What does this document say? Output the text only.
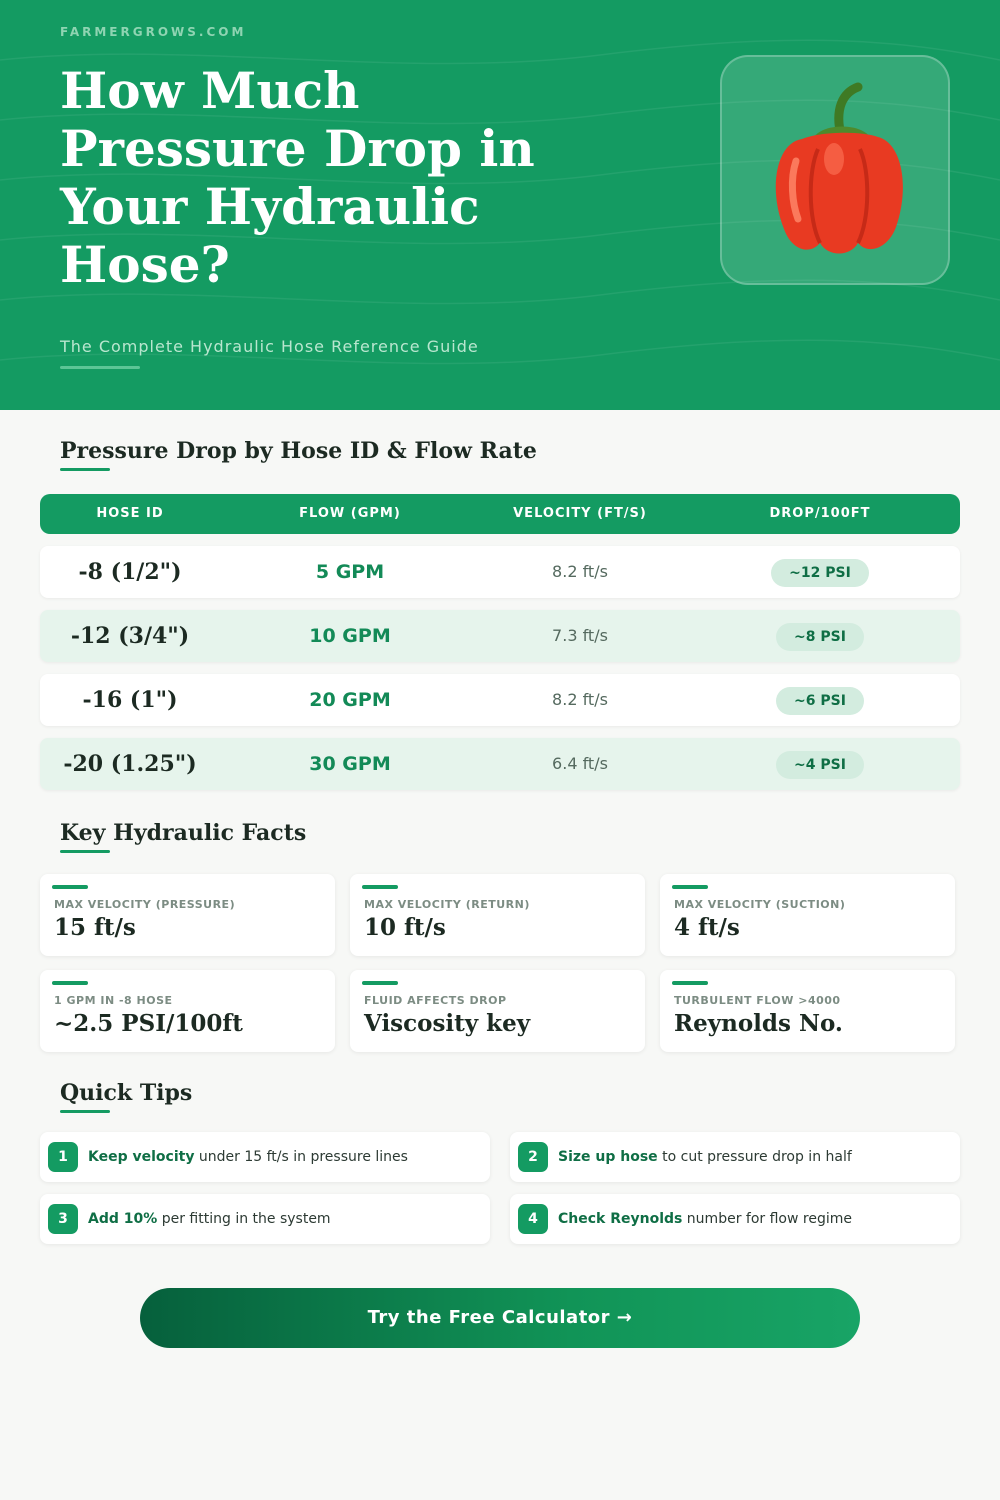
FARMERGROWS.COM
How Much Pressure Drop in Your Hydraulic Hose?
The Complete Hydraulic Hose Reference Guide
Pressure Drop by Hose ID & Flow Rate
HOSE ID	FLOW (GPM)	VELOCITY (FT/S)	DROP/100FT
-8 (1/2")	5 GPM	8.2 ft/s	~12 PSI
-12 (3/4")	10 GPM	7.3 ft/s	~8 PSI
-16 (1")	20 GPM	8.2 ft/s	~6 PSI
-20 (1.25")	30 GPM	6.4 ft/s	~4 PSI
Key Hydraulic Facts
MAX VELOCITY (PRESSURE)
15 ft/s
MAX VELOCITY (RETURN)
10 ft/s
MAX VELOCITY (SUCTION)
4 ft/s
1 GPM IN -8 HOSE
~2.5 PSI/100ft
FLUID AFFECTS DROP
Viscosity key
TURBULENT FLOW >4000
Reynolds No.
Quick Tips
1	Keep velocity under 15 ft/s in pressure lines	2	Size up hose to cut pressure drop in half
3	Add 10% per fitting in the system	4	Check Reynolds number for flow regime
Try the Free Calculator →
